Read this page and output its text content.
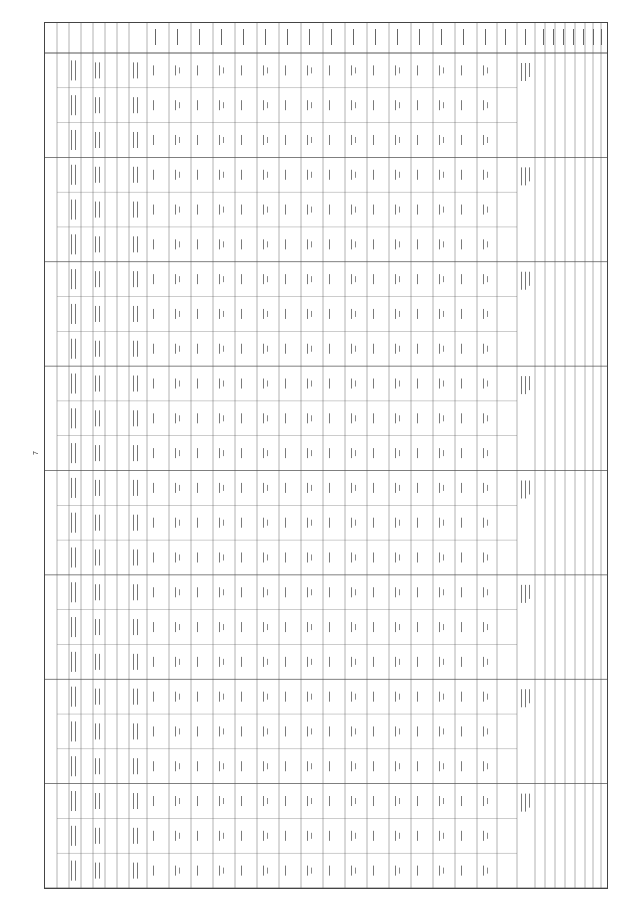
7
